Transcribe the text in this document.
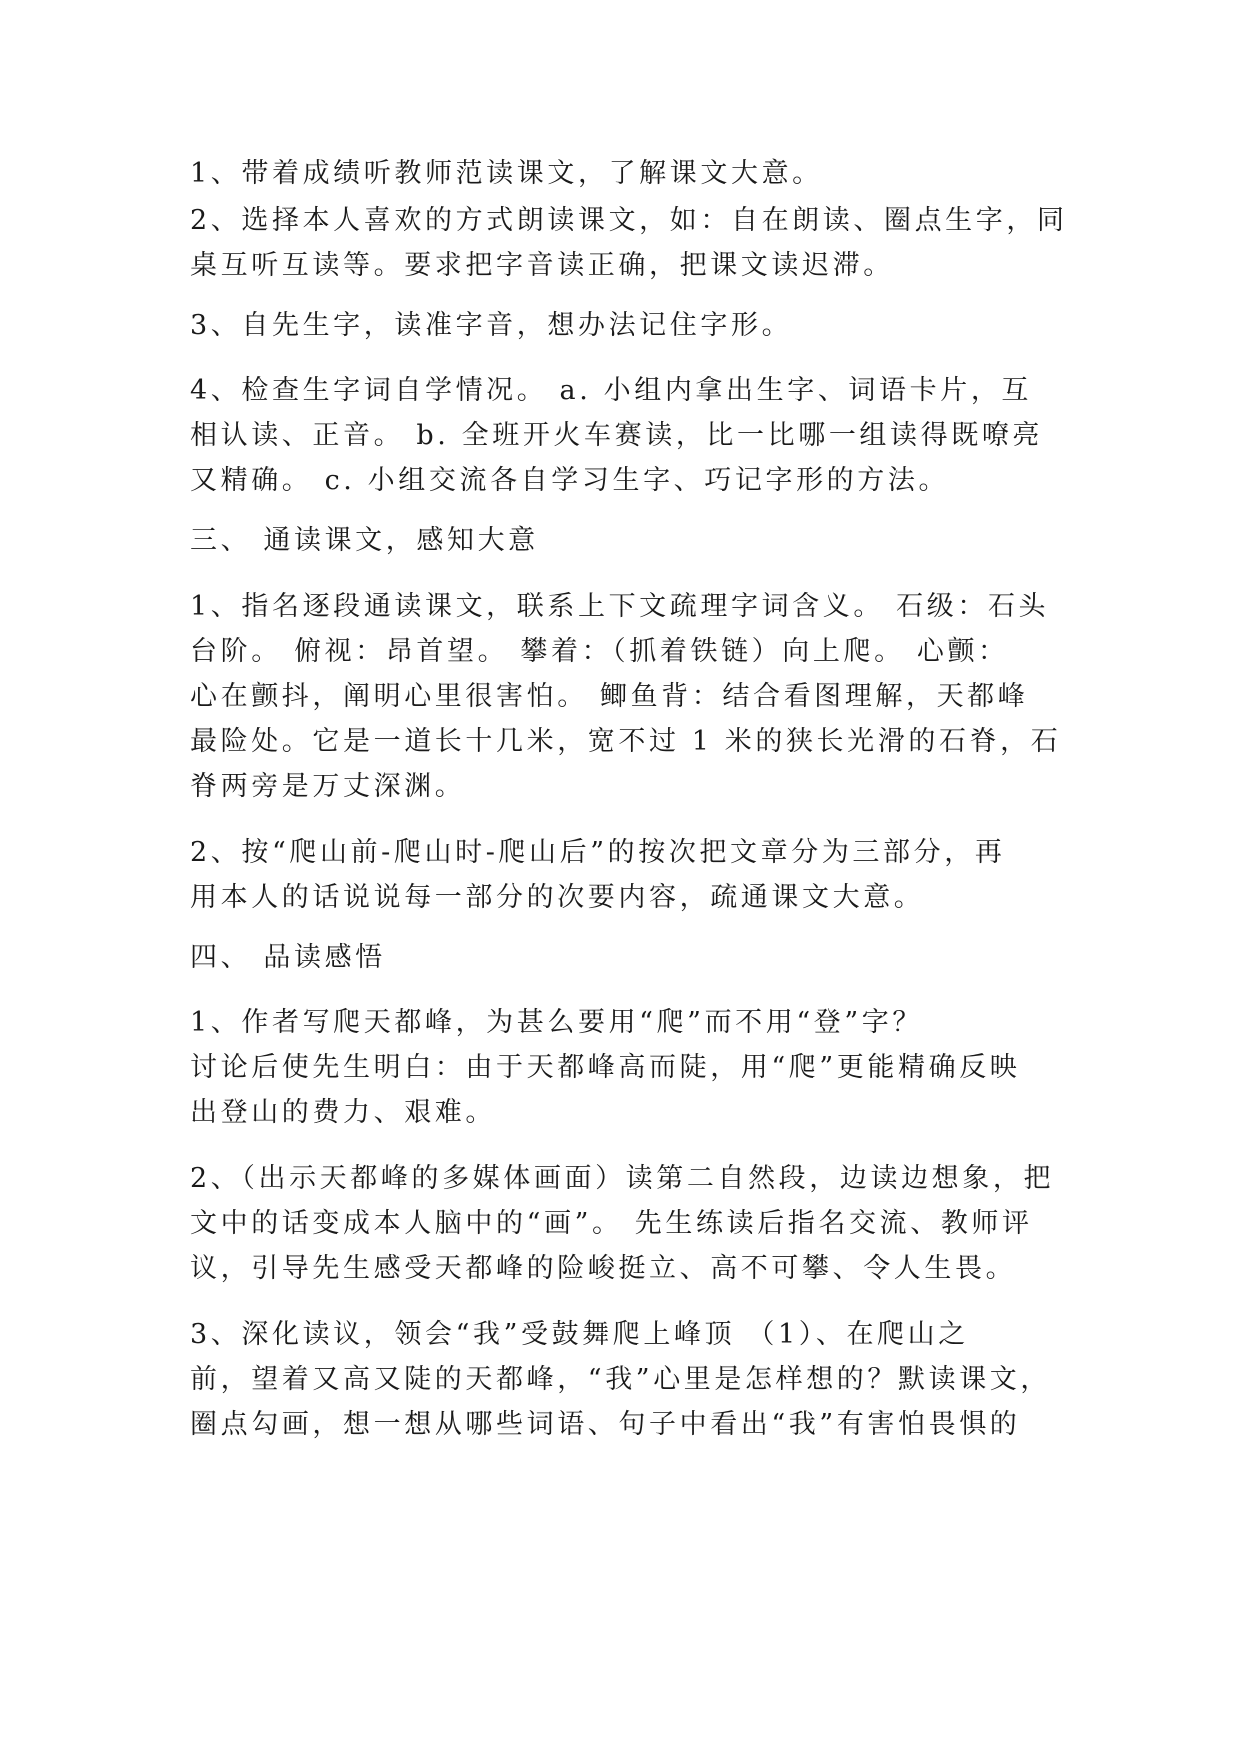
1、带着成绩听教师范读课文，了解课文大意。
2、选择本人喜欢的方式朗读课文，如：自在朗读、圈点生字，同
桌互听互读等。要求把字音读正确，把课文读迟滞。
3、自先生字，读准字音，想办法记住字形。
4、检查生字词自学情况。 a. 小组内拿出生字、词语卡片，互
相认读、正音。 b. 全班开火车赛读，比一比哪一组读得既嘹亮
又精确。 c. 小组交流各自学习生字、巧记字形的方法。
三、 通读课文，感知大意
1、指名逐段通读课文，联系上下文疏理字词含义。 石级：石头
台阶。 俯视：昂首望。 攀着：（抓着铁链）向上爬。 心颤：
心在颤抖，阐明心里很害怕。 鲫鱼背：结合看图理解，天都峰
最险处。它是一道长十几米，宽不过 1 米的狭长光滑的石脊，石
脊两旁是万丈深渊。
2、按“爬山前-爬山时-爬山后”的按次把文章分为三部分，再
用本人的话说说每一部分的次要内容，疏通课文大意。
四、 品读感悟
1、作者写爬天都峰，为甚么要用“爬”而不用“登”字？
讨论后使先生明白：由于天都峰高而陡，用“爬”更能精确反映
出登山的费力、艰难。
2、（出示天都峰的多媒体画面）读第二自然段，边读边想象，把
文中的话变成本人脑中的“画”。 先生练读后指名交流、教师评
议，引导先生感受天都峰的险峻挺立、高不可攀、令人生畏。
3、深化读议，领会“我”受鼓舞爬上峰顶 （1）、在爬山之
前，望着又高又陡的天都峰，“我”心里是怎样想的？默读课文，
圈点勾画，想一想从哪些词语、句子中看出“我”有害怕畏惧的
